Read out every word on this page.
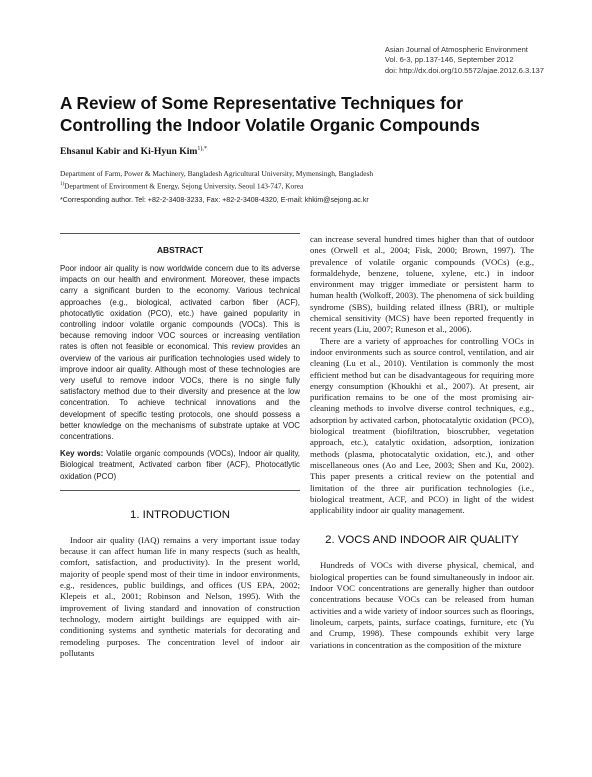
Asian Journal of Atmospheric Environment
Vol. 6-3, pp.137-146, September 2012
doi: http://dx.doi.org/10.5572/ajae.2012.6.3.137
A Review of Some Representative Techniques for
Controlling the Indoor Volatile Organic Compounds
Ehsanul Kabir and Ki-Hyun Kim$^{1),*}$
Department of Farm, Power & Machinery, Bangladesh Agricultural University, Mymensingh, Bangladesh
$^{1)}$Department of Environment & Energy, Sejong University, Seoul 143-747, Korea
*Corresponding author. Tel: +82-2-3408-3233, Fax: +82-2-3408-4320, E-mail: khkim@sejong.ac.kr
ABSTRACT

Poor indoor air quality is now worldwide concern due to its adverse impacts on our health and environment. Moreover, these impacts carry a significant burden to the economy. Various technical approaches (e.g., biological, activated carbon fiber (ACF), photocatlytic oxidation (PCO), etc.) have gained popularity in controlling indoor volatile organic compounds (VOCs). This is because removing indoor VOC sources or increasing ventilation rates is often not feasible or economical. This review provides an overview of the various air purification technologies used widely to improve indoor air quality. Although most of these technologies are very useful to remove indoor VOCs, there is no single fully satisfactory method due to their diversity and presence at the low concentration. To achieve technical innovations and the development of specific testing protocols, one should possess a better knowledge on the mechanisms of substrate uptake at VOC concentrations.

Key words: Volatile organic compounds (VOCs), Indoor air quality, Biological treatment, Activated carbon fiber (ACF), Photocatlytic oxidation (PCO)

1. INTRODUCTION

Indoor air quality (IAQ) remains a very important issue today because it can affect human life in many respects (such as health, comfort, satisfaction, and productivity). In the present world, majority of people spend most of their time in indoor environments, e.g., residences, public buildings, and offices (US EPA, 2002; Klepeis et al., 2001; Robinson and Nelson, 1995). With the improvement of living standard and innovation of construction technology, modern airtight buildings are equipped with air-conditioning systems and synthetic materials for decorating and remodeling purposes. The concentration level of indoor air pollutants

can increase several hundred times higher than that of outdoor ones (Orwell et al., 2004; Fisk, 2000; Brown, 1997). The prevalence of volatile organic compounds (VOCs) (e.g., formaldehyde, benzene, toluene, xylene, etc.) in indoor environment may trigger immediate or persistent harm to human health (Wolkoff, 2003). The phenomena of sick building syndrome (SBS), building related illness (BRI), or multiple chemical sensitivity (MCS) have been reported frequently in recent years (Liu, 2007; Runeson et al., 2006).

There are a variety of approaches for controlling VOCs in indoor environments such as source control, ventilation, and air cleaning (Lu et al., 2010). Ventilation is commonly the most efficient method but can be disadvantageous for requiring more energy consumption (Khoukhi et al., 2007). At present, air purification remains to be one of the most promising air-cleaning methods to involve diverse control techniques, e.g., adsorption by activated carbon, photocatalytic oxidation (PCO), biological treatment (biofiltration, bioscrubber, vegetation approach, etc.), catalytic oxidation, adsorption, ionization methods (plasma, photocatalytic oxidation, etc.), and other miscellaneous ones (Ao and Lee, 2003; Shen and Ku, 2002). This paper presents a critical review on the potential and limitation of the three air purification technologies (i.e., biological treatment, ACF, and PCO) in light of the widest applicability indoor air quality management.

2. VOCS AND INDOOR AIR QUALITY

Hundreds of VOCs with diverse physical, chemical, and biological properties can be found simultaneously in indoor air. Indoor VOC concentrations are generally higher than outdoor concentrations because VOCs can be released from human activities and a wide variety of indoor sources such as floorings, linoleum, carpets, paints, surface coatings, furniture, etc (Yu and Crump, 1998). These compounds exhibit very large variations in concentration as the composition of the mixture
